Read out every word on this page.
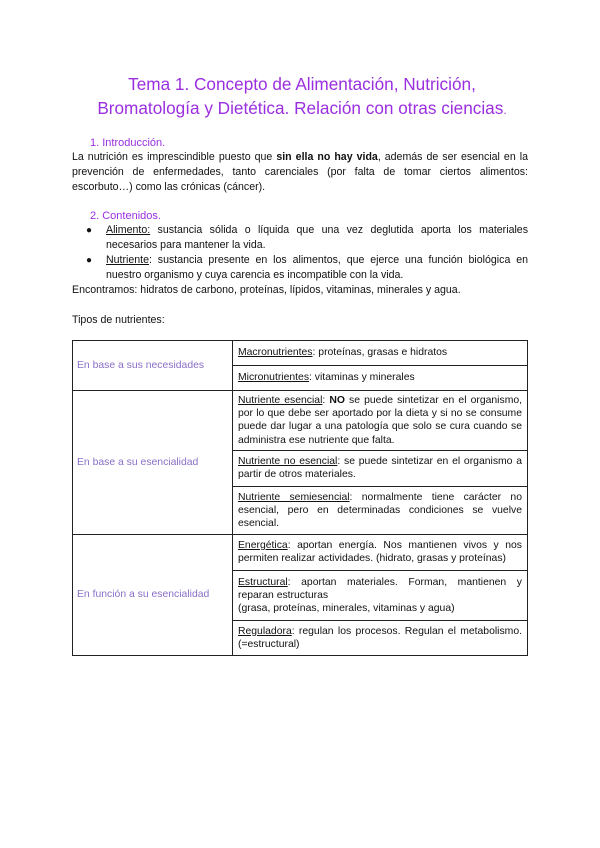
Tema 1. Concepto de Alimentación, Nutrición,
Bromatología y Dietética. Relación con otras ciencias.
1. Introducción.
La nutrición es imprescindible puesto que sin ella no hay vida, además de ser esencial en la prevención de enfermedades, tanto carenciales (por falta de tomar ciertos alimentos: escorbuto…) como las crónicas (cáncer).
2. Contenidos.
● Alimento: sustancia sólida o líquida que una vez deglutida aporta los materiales necesarios para mantener la vida.
● Nutriente: sustancia presente en los alimentos, que ejerce una función biológica en nuestro organismo y cuya carencia es incompatible con la vida.
Encontramos: hidratos de carbono, proteínas, lípidos, vitaminas, minerales y agua.
Tipos de nutrientes:
En base a sus necesidades	Macronutrientes: proteínas, grasas e hidratos
	Micronutrientes: vitaminas y minerales
En base a su esencialidad	Nutriente esencial: NO se puede sintetizar en el organismo, por lo que debe ser aportado por la dieta y si no se consume puede dar lugar a una patología que solo se cura cuando se administra ese nutriente que falta.
	Nutriente no esencial: se puede sintetizar en el organismo a partir de otros materiales.
	Nutriente semiesencial: normalmente tiene carácter no esencial, pero en determinadas condiciones se vuelve esencial.
En función a su esencialidad	Energética: aportan energía. Nos mantienen vivos y nos permiten realizar actividades. (hidrato, grasas y proteínas)
	Estructural: aportan materiales. Forman, mantienen y reparan estructuras
(grasa, proteínas, minerales, vitaminas y agua)
	Reguladora: regulan los procesos. Regulan el metabolismo. (=estructural)
